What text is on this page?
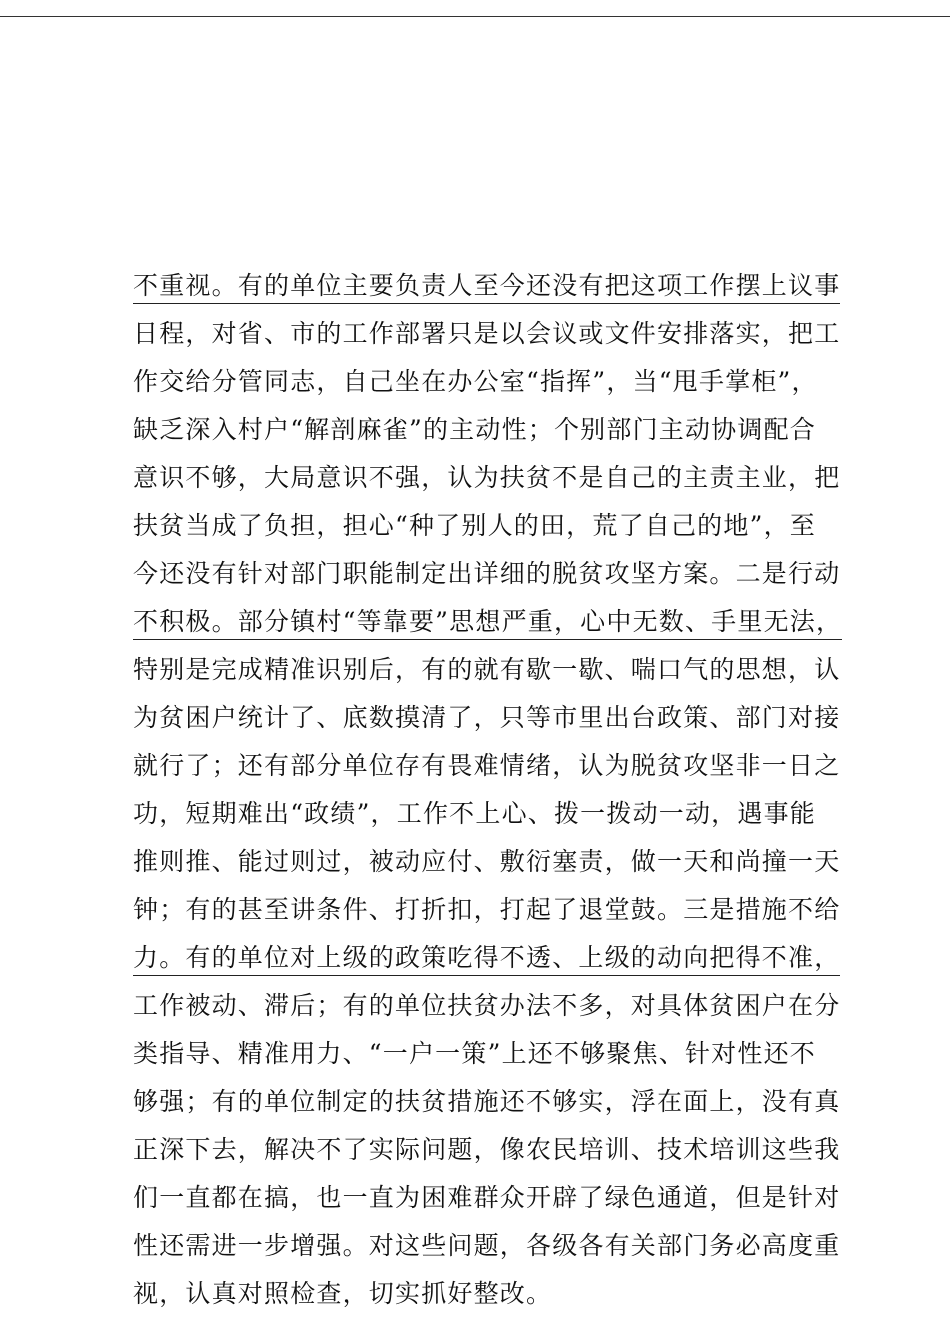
不重视。有的单位主要负责人至今还没有把这项工作摆上议事
日程，对省、市的工作部署只是以会议或文件安排落实，把工
作交给分管同志，自己坐在办公室“指挥”，当“甩手掌柜”，
缺乏深入村户“解剖麻雀”的主动性；个别部门主动协调配合
意识不够，大局意识不强，认为扶贫不是自己的主责主业，把
扶贫当成了负担，担心“种了别人的田，荒了自己的地”，至
今还没有针对部门职能制定出详细的脱贫攻坚方案。二是行动
不积极。部分镇村“等靠要”思想严重，心中无数、手里无法，
特别是完成精准识别后，有的就有歇一歇、喘口气的思想，认
为贫困户统计了、底数摸清了，只等市里出台政策、部门对接
就行了；还有部分单位存有畏难情绪，认为脱贫攻坚非一日之
功，短期难出“政绩”，工作不上心、拨一拨动一动，遇事能
推则推、能过则过，被动应付、敷衍塞责，做一天和尚撞一天
钟；有的甚至讲条件、打折扣，打起了退堂鼓。三是措施不给
力。有的单位对上级的政策吃得不透、上级的动向把得不准，
工作被动、滞后；有的单位扶贫办法不多，对具体贫困户在分
类指导、精准用力、“一户一策”上还不够聚焦、针对性还不
够强；有的单位制定的扶贫措施还不够实，浮在面上，没有真
正深下去，解决不了实际问题，像农民培训、技术培训这些我
们一直都在搞，也一直为困难群众开辟了绿色通道，但是针对
性还需进一步增强。对这些问题，各级各有关部门务必高度重
视，认真对照检查，切实抓好整改。
